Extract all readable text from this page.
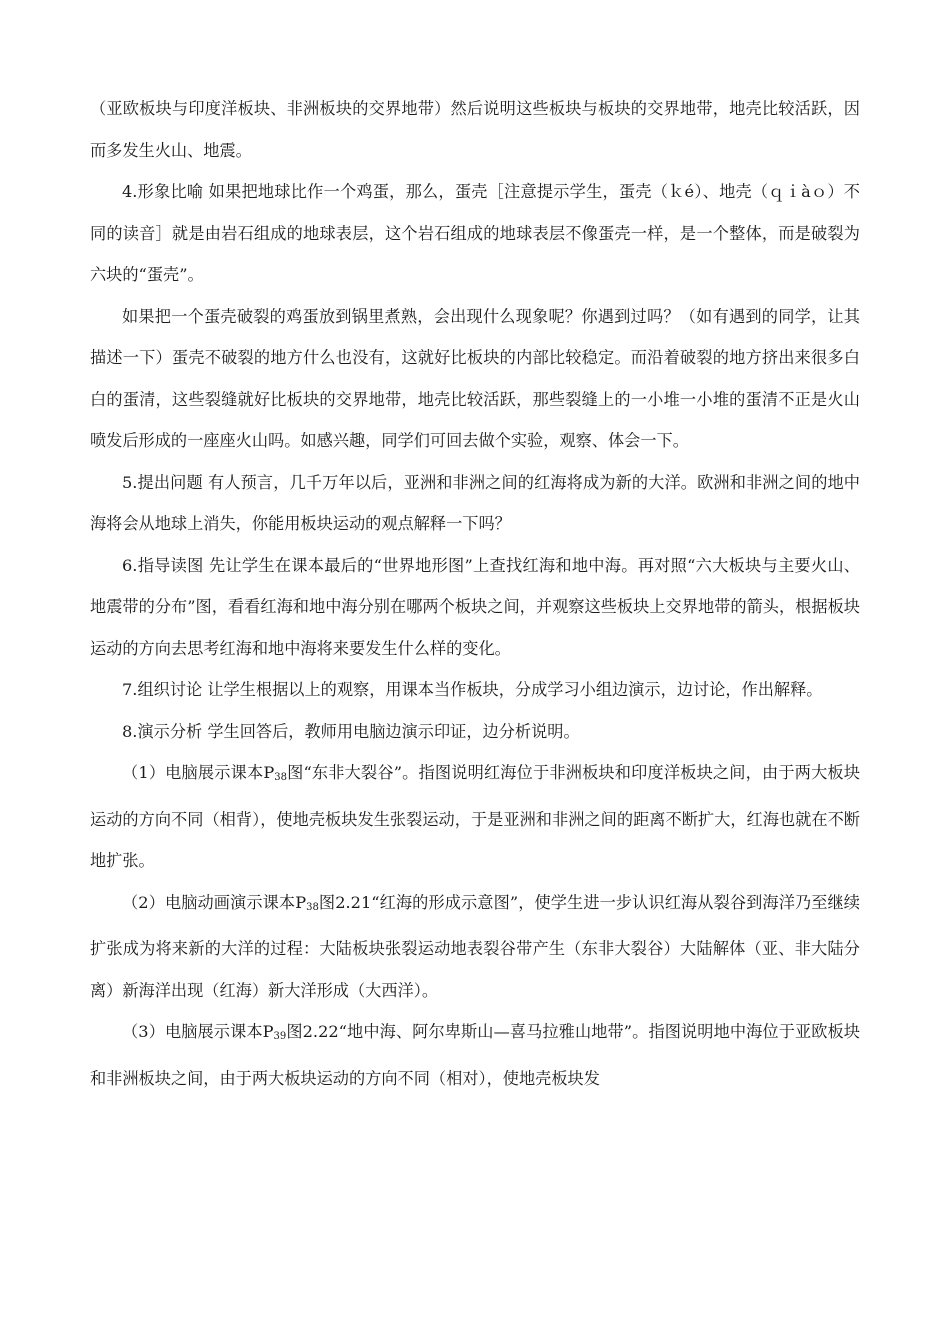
（亚欧板块与印度洋板块、非洲板块的交界地带）然后说明这些板块与板块的交界地带，地壳比较活跃，因而多发生火山、地震。

4.形象比喻 如果把地球比作一个鸡蛋，那么，蛋壳［注意提示学生，蛋壳（ｋé）、地壳（ｑｉàｏ）不同的读音］就是由岩石组成的地球表层，这个岩石组成的地球表层不像蛋壳一样，是一个整体，而是破裂为六块的“蛋壳”。

如果把一个蛋壳破裂的鸡蛋放到锅里煮熟，会出现什么现象呢？你遇到过吗？（如有遇到的同学，让其描述一下）蛋壳不破裂的地方什么也没有，这就好比板块的内部比较稳定。而沿着破裂的地方挤出来很多白白的蛋清，这些裂缝就好比板块的交界地带，地壳比较活跃，那些裂缝上的一小堆一小堆的蛋清不正是火山喷发后形成的一座座火山吗。如感兴趣，同学们可回去做个实验，观察、体会一下。

5.提出问题 有人预言，几千万年以后，亚洲和非洲之间的红海将成为新的大洋。欧洲和非洲之间的地中海将会从地球上消失，你能用板块运动的观点解释一下吗？

6.指导读图 先让学生在课本最后的“世界地形图”上查找红海和地中海。再对照“六大板块与主要火山、地震带的分布”图，看看红海和地中海分别在哪两个板块之间，并观察这些板块上交界地带的箭头，根据板块运动的方向去思考红海和地中海将来要发生什么样的变化。

7.组织讨论 让学生根据以上的观察，用课本当作板块，分成学习小组边演示，边讨论，作出解释。

8.演示分析 学生回答后，教师用电脑边演示印证，边分析说明。

（1）电脑展示课本$P_{38}$图“东非大裂谷”。指图说明红海位于非洲板块和印度洋板块之间，由于两大板块运动的方向不同（相背），使地壳板块发生张裂运动，于是亚洲和非洲之间的距离不断扩大，红海也就在不断地扩张。

（2）电脑动画演示课本$P_{38}$图2.21“红海的形成示意图”，使学生进一步认识红海从裂谷到海洋乃至继续扩张成为将来新的大洋的过程：大陆板块张裂运动地表裂谷带产生（东非大裂谷）大陆解体（亚、非大陆分离）新海洋出现（红海）新大洋形成（大西洋）。

（3）电脑展示课本$P_{39}$图2.22“地中海、阿尔卑斯山—喜马拉雅山地带”。指图说明地中海位于亚欧板块和非洲板块之间，由于两大板块运动的方向不同（相对），使地壳板块发
